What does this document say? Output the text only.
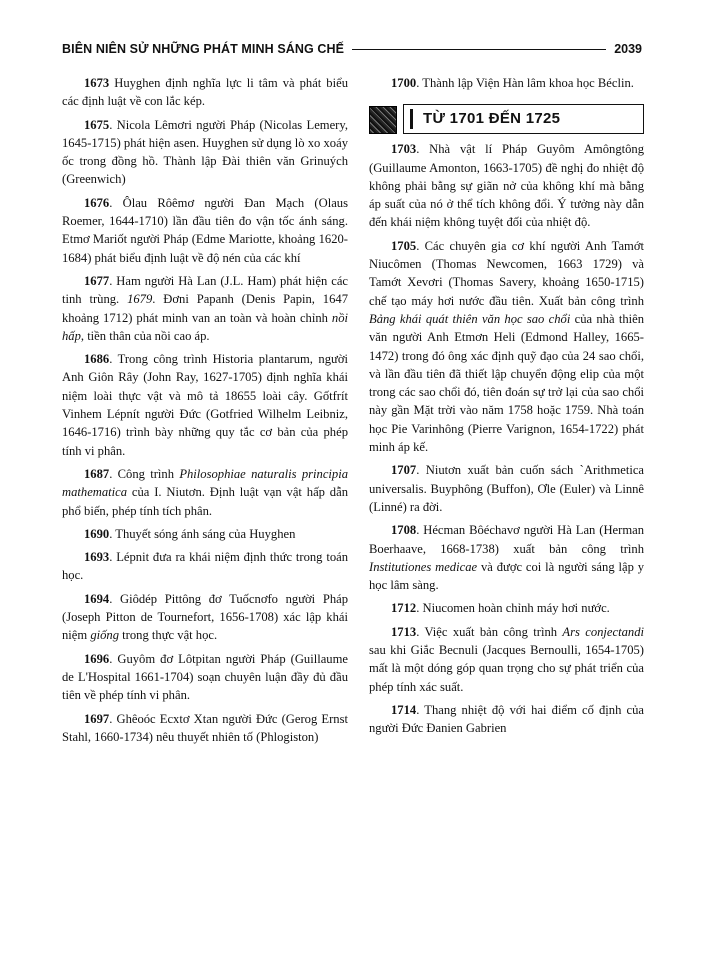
BIÊN NIÊN SỬ NHỮNG PHÁT MINH SÁNG CHẾ	2039

1673 Huyghen định nghĩa lực li tâm và phát biểu các định luật về con lắc kép.

1675. Nicola Lêmơri người Pháp (Nicolas Lemery, 1645-1715) phát hiện asen. Huyghen sử dụng lò xo xoáy ốc trong đồng hồ. Thành lập Đài thiên văn Grinuých (Greenwich)

1676. Ôlau Rôêmơ người Đan Mạch (Olaus Roemer, 1644-1710) lần đầu tiên đo vận tốc ánh sáng. Etmơ Mariốt người Pháp (Edme Mariotte, khoảng 1620-1684) phát biểu định luật về độ nén của các khí

1677. Ham người Hà Lan (J.L. Ham) phát hiện các tinh trùng. 1679. Đơni Papanh (Denis Papin, 1647 khoảng 1712) phát minh van an toàn và hoàn chỉnh nồi hấp, tiền thân của nồi cao áp.

1686. Trong công trình Historia plantarum, người Anh Giôn Rây (John Ray, 1627-1705) định nghĩa khái niệm loài thực vật và mô tả 18655 loài cây. Gốtfrít Vinhem Lépnít người Đức (Gotfried Wilhelm Leibniz, 1646-1716) trình bày những quy tắc cơ bản của phép tính vi phân.

1687. Công trình Philosophiae naturalis principia mathematica của I. Niutơn. Định luật vạn vật hấp dẫn phổ biến, phép tính tích phân.

1690. Thuyết sóng ánh sáng của Huyghen

1693. Lépnit đưa ra khái niệm định thức trong toán học.

1694. Giôdép Pittông đơ Tuốcnơfo người Pháp (Joseph Pitton de Tournefort, 1656-1708) xác lập khái niệm giống trong thực vật học.

1696. Guyôm đơ Lôtpitan người Pháp (Guillaume de L'Hospital 1661-1704) soạn chuyên luận đầy đủ đầu tiên về phép tính vi phân.

1697. Ghêoóc Ecxtơ Xtan người Đức (Gerog Ernst Stahl, 1660-1734) nêu thuyết nhiên tố (Phlogiston)

1700. Thành lập Viện Hàn lâm khoa học Béclin.

TỪ 1701 ĐẾN 1725

1703. Nhà vật lí Pháp Guyôm Amôngtông (Guillaume Amonton, 1663-1705) đề nghị đo nhiệt độ không phải bằng sự giãn nở của không khí mà bằng áp suất của nó ở thể tích không đổi. Ý tưởng này dẫn đến khái niệm không tuyệt đối của nhiệt độ.

1705. Các chuyên gia cơ khí người Anh Tamớt Niucômen (Thomas Newcomen, 1663 1729) và Tamớt Xevơri (Thomas Savery, khoảng 1650-1715) chế tạo máy hơi nước đầu tiên. Xuất bản công trình Bảng khái quát thiên văn học sao chổi của nhà thiên văn người Anh Etmơn Heli (Edmond Halley, 1665-1472) trong đó ông xác định quỹ đạo của 24 sao chổi, và lần đầu tiên đã thiết lập chuyển động elip của một trong các sao chổi đó, tiên đoán sự trở lại của sao chổi này gần Mặt trời vào năm 1758 hoặc 1759. Nhà toán học Pie Varinhông (Pierre Varignon, 1654-1722) phát minh áp kế.

1707. Niutơn xuất bản cuốn sách `Arithmetica universalis. Buyphông (Buffon), Ơle (Euler) và Linnê (Linné) ra đời.

1708. Hécman Bôéchavơ người Hà Lan (Herman Boerhaave, 1668-1738) xuất bản công trình Institutiones medicae và được coi là người sáng lập y học lâm sàng.

1712. Niucomen hoàn chỉnh máy hơi nước.

1713. Việc xuất bản công trình Ars conjectandi sau khi Giắc Becnuli (Jacques Bernoulli, 1654-1705) mất là một dóng góp quan trọng cho sự phát triển của phép tính xác suất.

1714. Thang nhiệt độ với hai điểm cố định của người Đức Đanien Gabrien
